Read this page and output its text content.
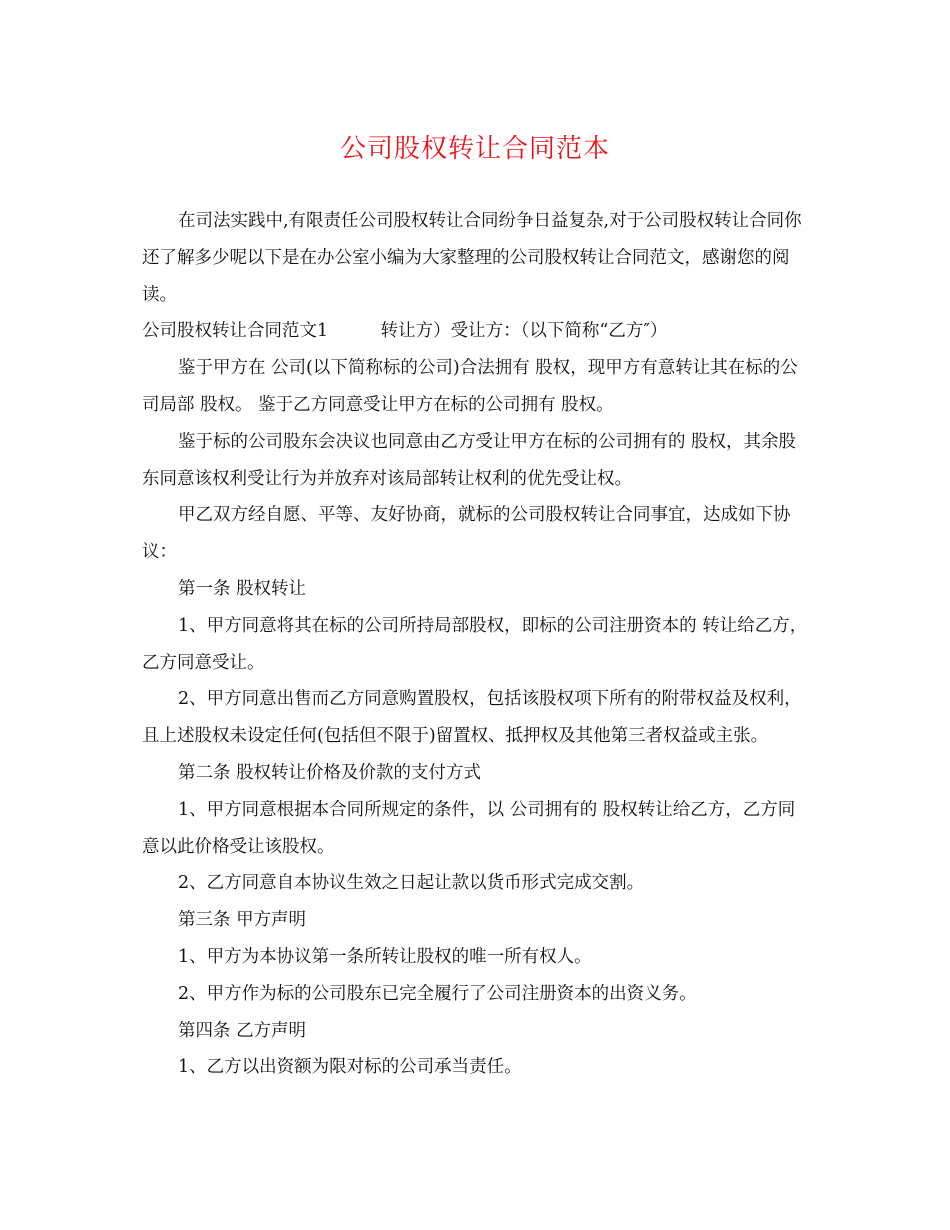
公司股权转让合同范本

在司法实践中,有限责任公司股权转让合同纷争日益复杂,对于公司股权转让合同你还了解多少呢以下是在办公室小编为大家整理的公司股权转让合同范文，感谢您的阅读。

公司股权转让合同范文1　　　转让方）受让方：（以下简称“乙方″）

鉴于甲方在 公司(以下简称标的公司)合法拥有 股权，现甲方有意转让其在标的公司局部 股权。 鉴于乙方同意受让甲方在标的公司拥有 股权。

鉴于标的公司股东会决议也同意由乙方受让甲方在标的公司拥有的 股权，其余股东同意该权利受让行为并放弃对该局部转让权利的优先受让权。

甲乙双方经自愿、平等、友好协商，就标的公司股权转让合同事宜，达成如下协议：

第一条 股权转让

1、甲方同意将其在标的公司所持局部股权，即标的公司注册资本的 转让给乙方，乙方同意受让。

2、甲方同意出售而乙方同意购置股权，包括该股权项下所有的附带权益及权利，且上述股权未设定任何(包括但不限于)留置权、抵押权及其他第三者权益或主张。

第二条 股权转让价格及价款的支付方式

1、甲方同意根据本合同所规定的条件，以 公司拥有的 股权转让给乙方，乙方同意以此价格受让该股权。

2、乙方同意自本协议生效之日起让款以货币形式完成交割。

第三条 甲方声明

1、甲方为本协议第一条所转让股权的唯一所有权人。

2、甲方作为标的公司股东已完全履行了公司注册资本的出资义务。

第四条 乙方声明

1、乙方以出资额为限对标的公司承当责任。
